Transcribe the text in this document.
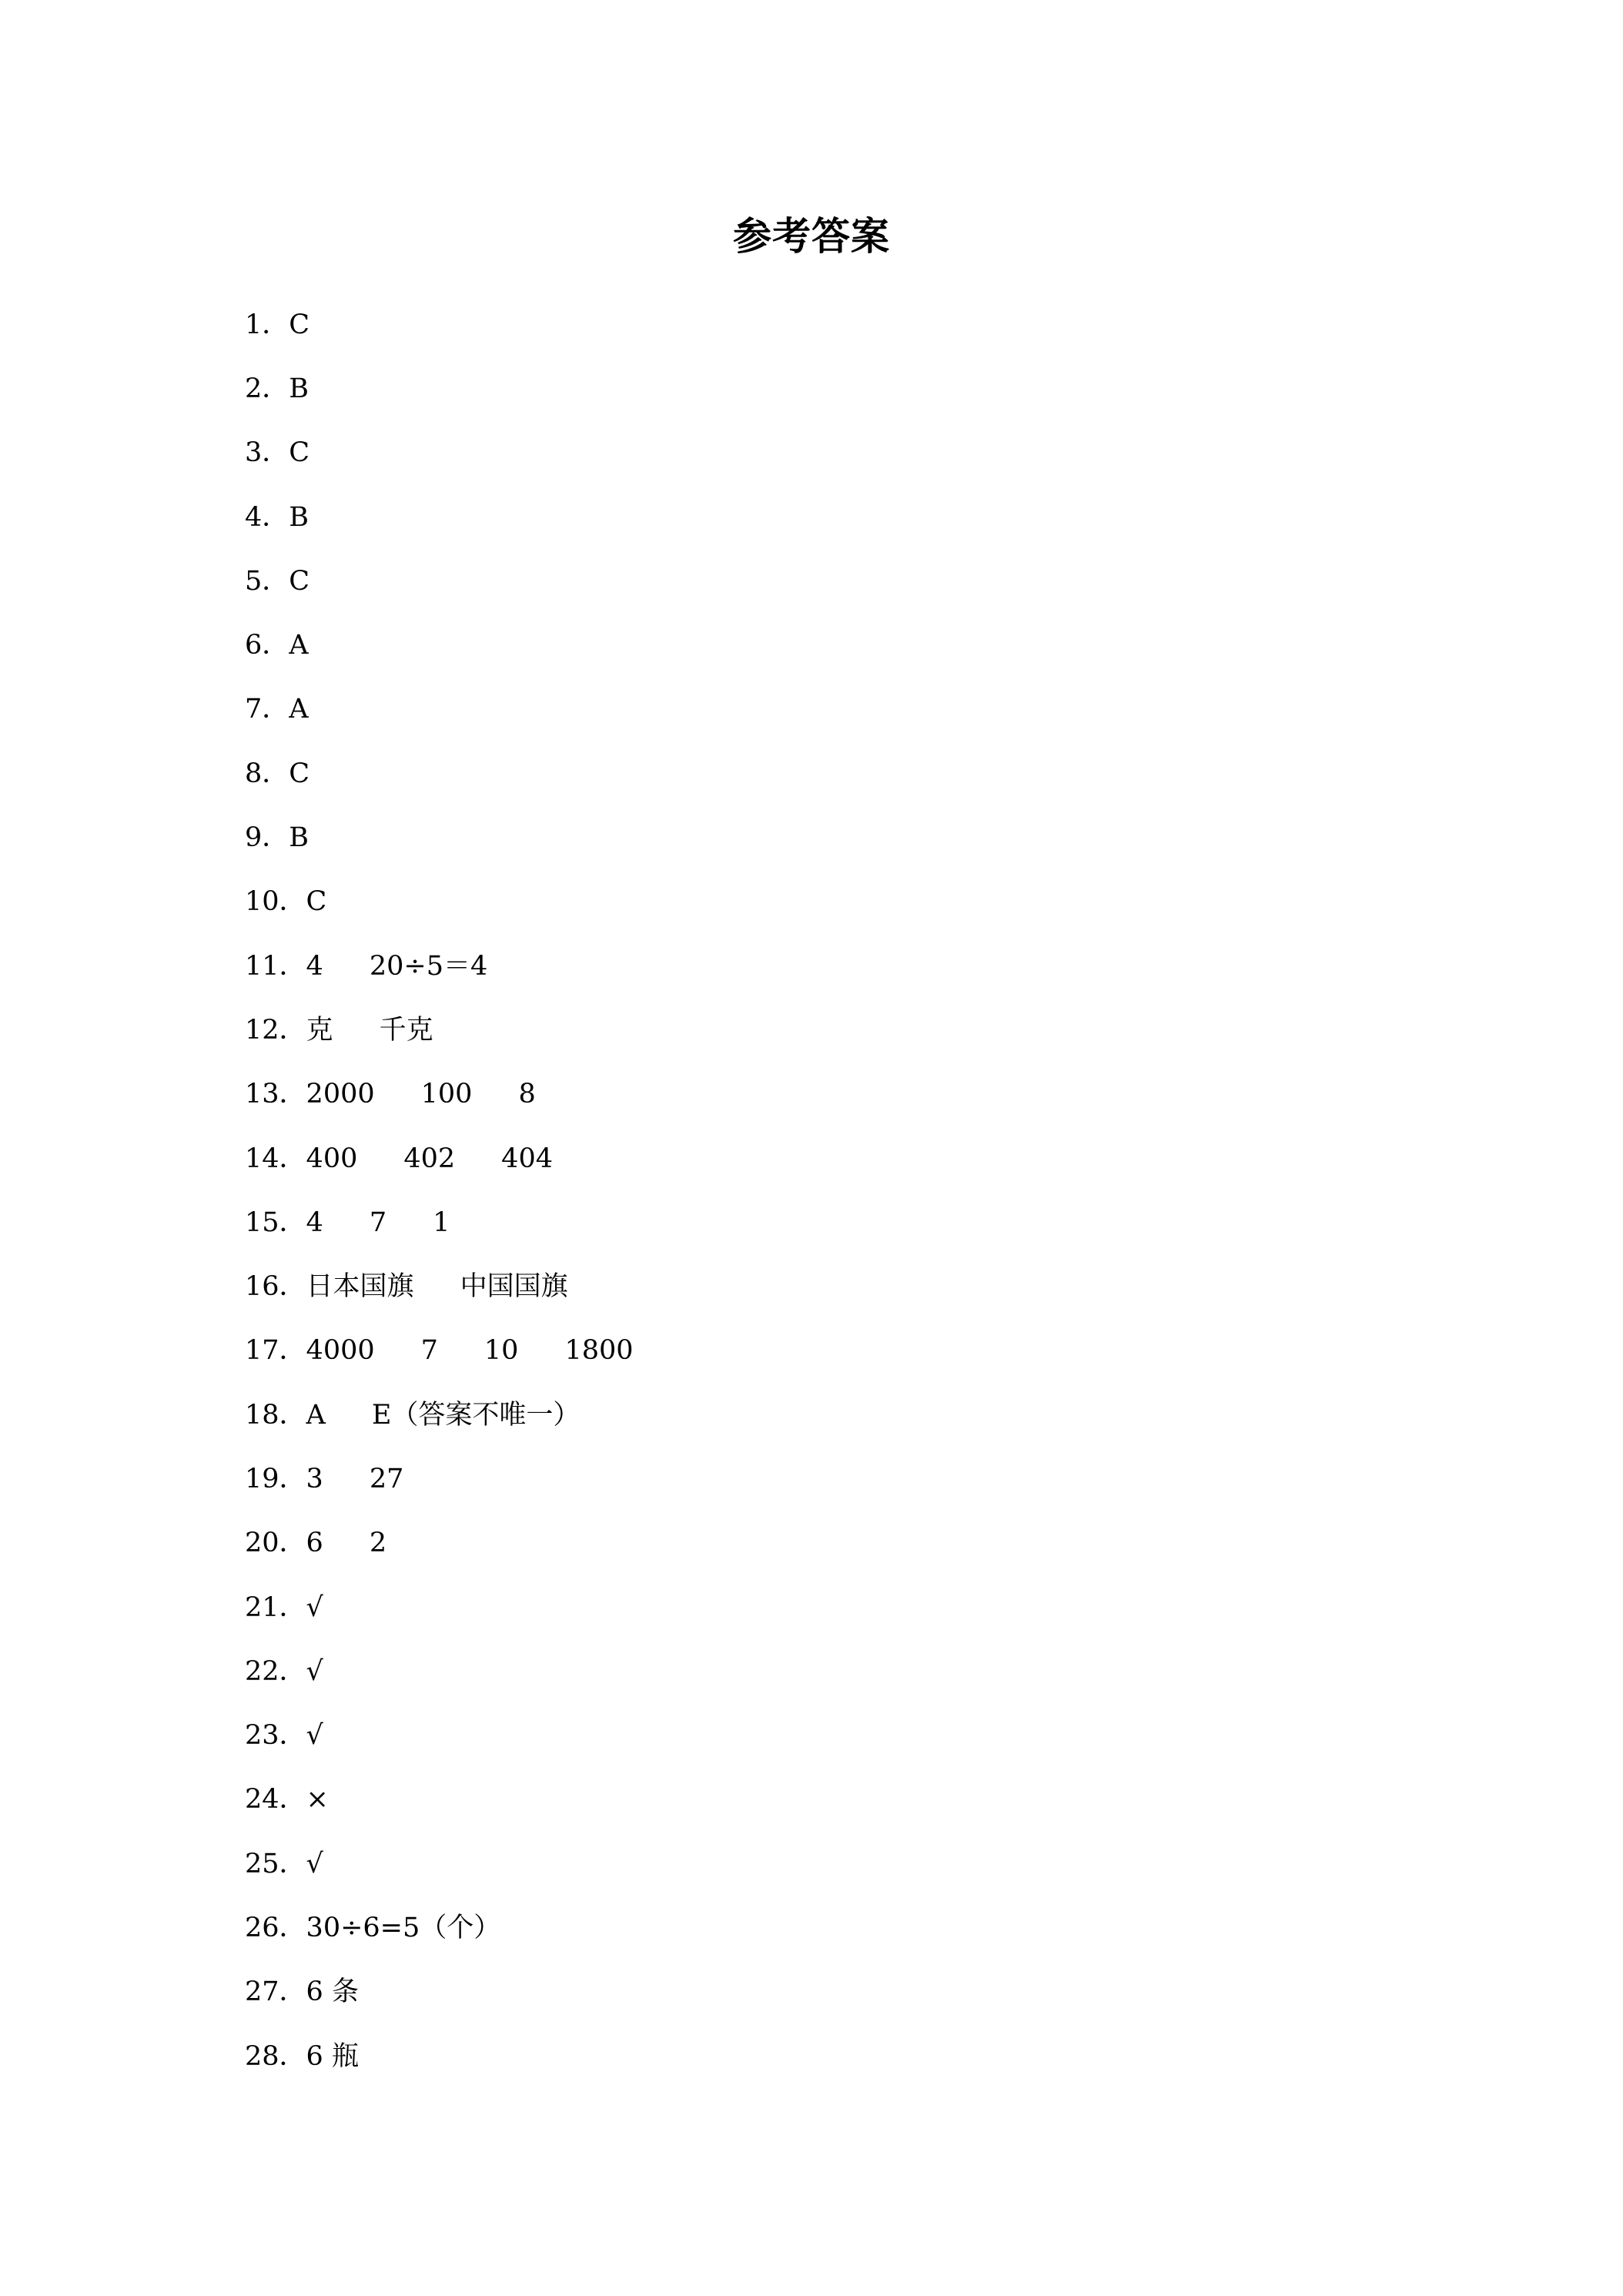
参考答案
1． C
2． B
3． C
4． B
5． C
6． A
7． A
8． C
9． B
10． C
11． 4 20÷5＝4
12． 克 千克
13． 2000 100 8
14． 400 402 404
15． 4 7 1
16． 日本国旗 中国国旗
17． 4000 7 10 1800
18． A E（答案不唯一）
19． 3 27
20． 6 2
21． √
22． √
23． √
24． ×
25． √
26． 30÷6=5（个）
27． 6 条
28． 6 瓶
